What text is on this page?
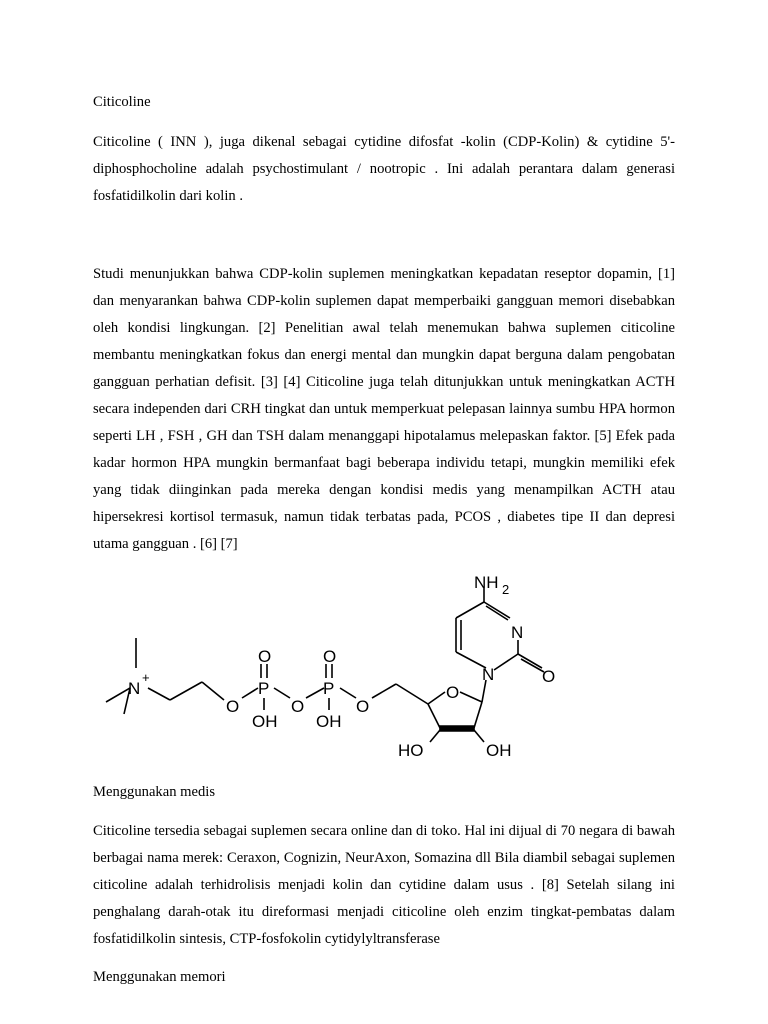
Citicoline

Citicoline ( INN ), juga dikenal sebagai cytidine difosfat -kolin (CDP-Kolin) & cytidine 5'-diphosphocholine adalah psychostimulant / nootropic . Ini adalah perantara dalam generasi fosfatidilkolin dari kolin .

Studi menunjukkan bahwa CDP-kolin suplemen meningkatkan kepadatan reseptor dopamin, [1] dan menyarankan bahwa CDP-kolin suplemen dapat memperbaiki gangguan memori disebabkan oleh kondisi lingkungan. [2] Penelitian awal telah menemukan bahwa suplemen citicoline membantu meningkatkan fokus dan energi mental dan mungkin dapat berguna dalam pengobatan gangguan perhatian defisit. [3] [4] Citicoline juga telah ditunjukkan untuk meningkatkan ACTH secara independen dari CRH tingkat dan untuk memperkuat pelepasan lainnya sumbu HPA hormon seperti LH , FSH , GH dan TSH dalam menanggapi hipotalamus melepaskan faktor. [5] Efek pada kadar hormon HPA mungkin bermanfaat bagi beberapa individu tetapi, mungkin memiliki efek yang tidak diinginkan pada mereka dengan kondisi medis yang menampilkan ACTH atau hipersekresi kortisol termasuk, namun tidak terbatas pada, PCOS , diabetes tipe II dan depresi utama gangguan . [6] [7]

N
+
O
P
O
OH
O
P
O
OH
O
O
HO	OH
N
N
O
NH 2

Menggunakan medis

Citicoline tersedia sebagai suplemen secara online dan di toko. Hal ini dijual di 70 negara di bawah berbagai nama merek: Ceraxon, Cognizin, NeurAxon, Somazina dll Bila diambil sebagai suplemen citicoline adalah terhidrolisis menjadi kolin dan cytidine dalam usus . [8] Setelah silang ini penghalang darah-otak itu direformasi menjadi citicoline oleh enzim tingkat-pembatas dalam fosfatidilkolin sintesis, CTP-fosfokolin cytidylyltransferase

Menggunakan memori
